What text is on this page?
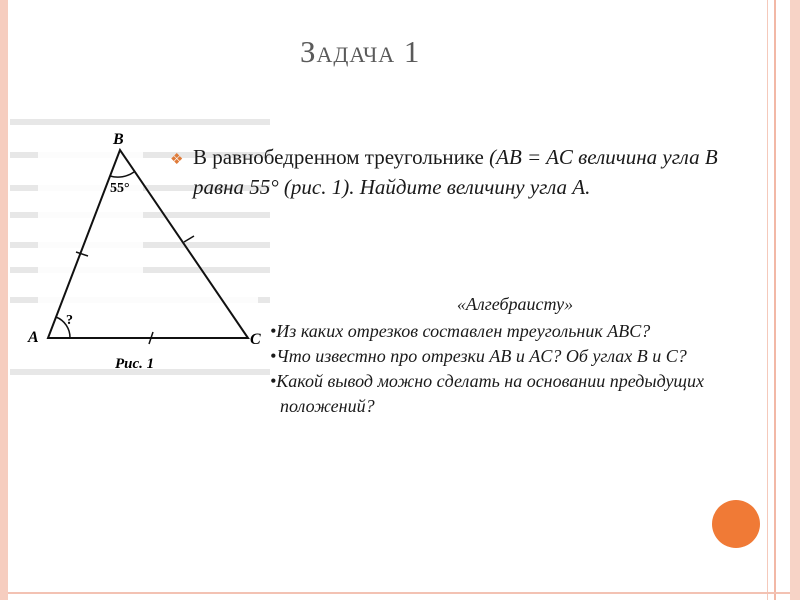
ЗАДАЧА 1
B
A	C
55°
?
Рис. 1
❖ В равнобедренном треугольнике (AB = AC величина угла B равна 55° (рис. 1). Найдите величину угла A.
«Алгебраисту»
•Из каких отрезков составлен треугольник ABC?
•Что известно про отрезки AB и AC? Об углах B и C?
•Какой вывод можно сделать на основании предыдущих положений?
